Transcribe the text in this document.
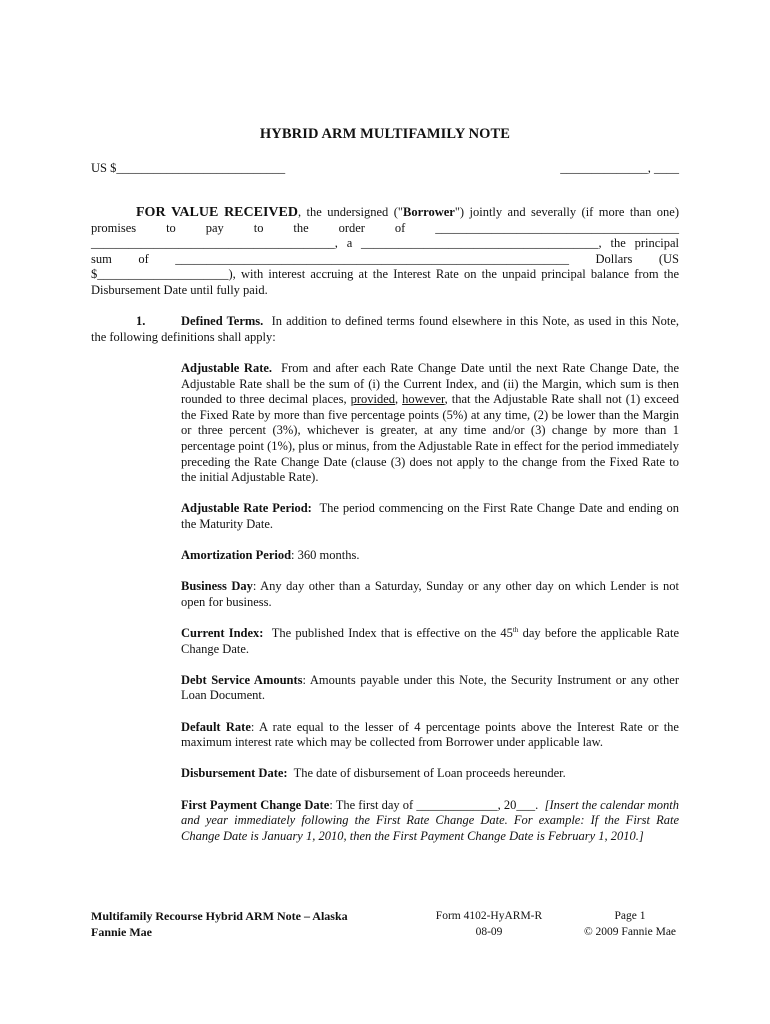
HYBRID ARM MULTIFAMILY NOTE
US $___________________________	______________, ____
FOR VALUE RECEIVED, the undersigned ("Borrower") jointly and severally (if more than one) promises to pay to the order of _______________________________________ _______________________________________, a ______________________________________, the principal sum of _______________________________________________________________ Dollars (US $_____________________), with interest accruing at the Interest Rate on the unpaid principal balance from the Disbursement Date until fully paid.
1.	Defined Terms. In addition to defined terms found elsewhere in this Note, as used in this Note, the following definitions shall apply:

Adjustable Rate. From and after each Rate Change Date until the next Rate Change Date, the Adjustable Rate shall be the sum of (i) the Current Index, and (ii) the Margin, which sum is then rounded to three decimal places, provided, however, that the Adjustable Rate shall not (1) exceed the Fixed Rate by more than five percentage points (5%) at any time, (2) be lower than the Margin or three percent (3%), whichever is greater, at any time and/or (3) change by more than 1 percentage point (1%), plus or minus, from the Adjustable Rate in effect for the period immediately preceding the Rate Change Date (clause (3) does not apply to the change from the Fixed Rate to the initial Adjustable Rate).

Adjustable Rate Period: The period commencing on the First Rate Change Date and ending on the Maturity Date.

Amortization Period: 360 months.

Business Day: Any day other than a Saturday, Sunday or any other day on which Lender is not open for business.

Current Index: The published Index that is effective on the 45th day before the applicable Rate Change Date.

Debt Service Amounts: Amounts payable under this Note, the Security Instrument or any other Loan Document.

Default Rate: A rate equal to the lesser of 4 percentage points above the Interest Rate or the maximum interest rate which may be collected from Borrower under applicable law.

Disbursement Date: The date of disbursement of Loan proceeds hereunder.

First Payment Change Date: The first day of _____________, 20___. [Insert the calendar month and year immediately following the First Rate Change Date. For example: If the First Rate Change Date is January 1, 2010, then the First Payment Change Date is February 1, 2010.]

Multifamily Recourse Hybrid ARM Note – Alaska
Fannie Mae
Form 4102-HyARM-R
08-09
Page 1
© 2009 Fannie Mae
